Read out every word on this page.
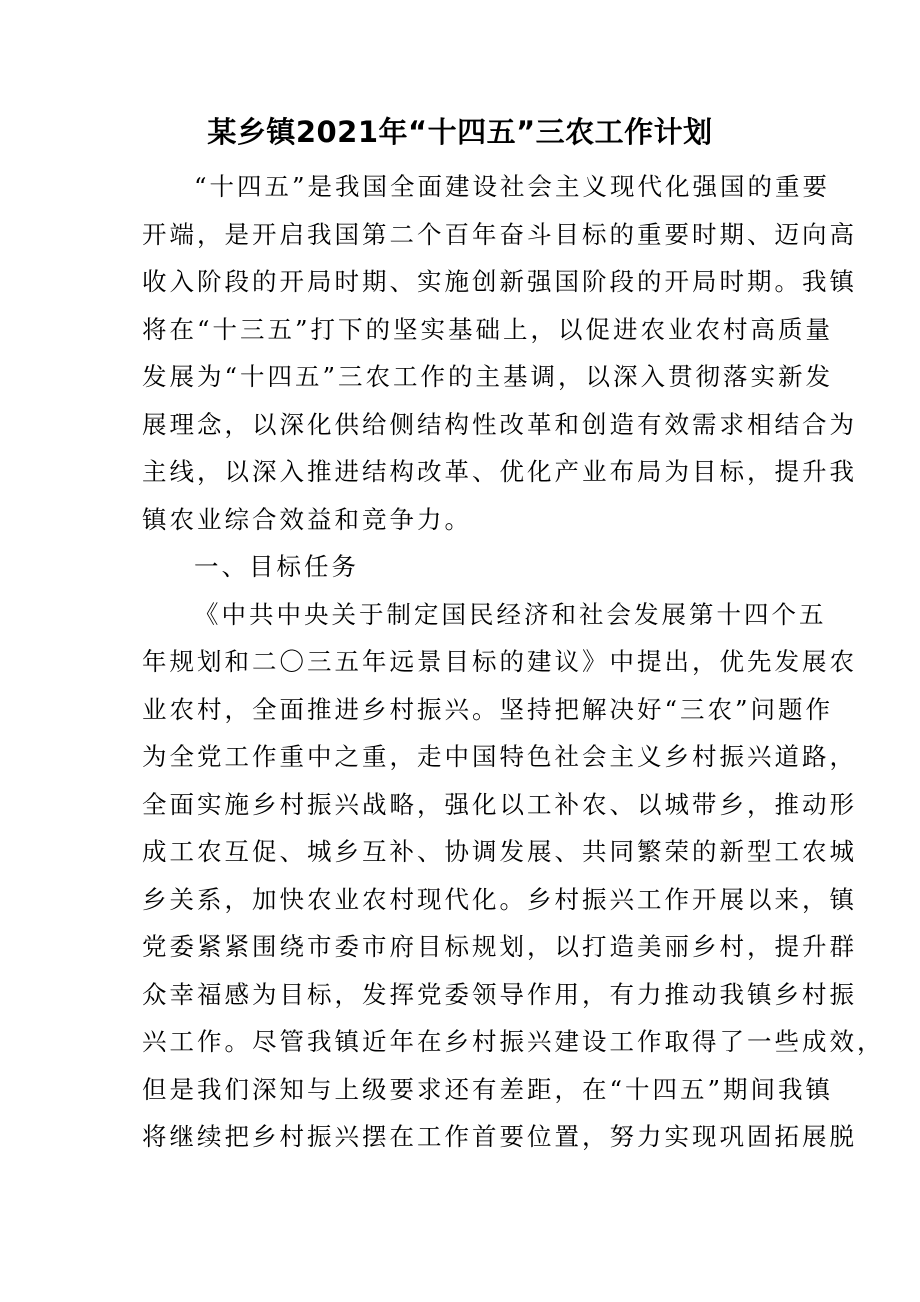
某乡镇2021年“十四五”三农工作计划
“十四五”是我国全面建设社会主义现代化强国的重要
开端，是开启我国第二个百年奋斗目标的重要时期、迈向高
收入阶段的开局时期、实施创新强国阶段的开局时期。我镇
将在“十三五”打下的坚实基础上，以促进农业农村高质量
发展为“十四五”三农工作的主基调，以深入贯彻落实新发
展理念，以深化供给侧结构性改革和创造有效需求相结合为
主线，以深入推进结构改革、优化产业布局为目标，提升我
镇农业综合效益和竞争力。
一、目标任务
《中共中央关于制定国民经济和社会发展第十四个五
年规划和二〇三五年远景目标的建议》中提出，优先发展农
业农村，全面推进乡村振兴。坚持把解决好“三农”问题作
为全党工作重中之重，走中国特色社会主义乡村振兴道路，
全面实施乡村振兴战略，强化以工补农、以城带乡，推动形
成工农互促、城乡互补、协调发展、共同繁荣的新型工农城
乡关系，加快农业农村现代化。乡村振兴工作开展以来，镇
党委紧紧围绕市委市府目标规划，以打造美丽乡村，提升群
众幸福感为目标，发挥党委领导作用，有力推动我镇乡村振
兴工作。尽管我镇近年在乡村振兴建设工作取得了一些成效，
但是我们深知与上级要求还有差距，在“十四五”期间我镇
将继续把乡村振兴摆在工作首要位置，努力实现巩固拓展脱
